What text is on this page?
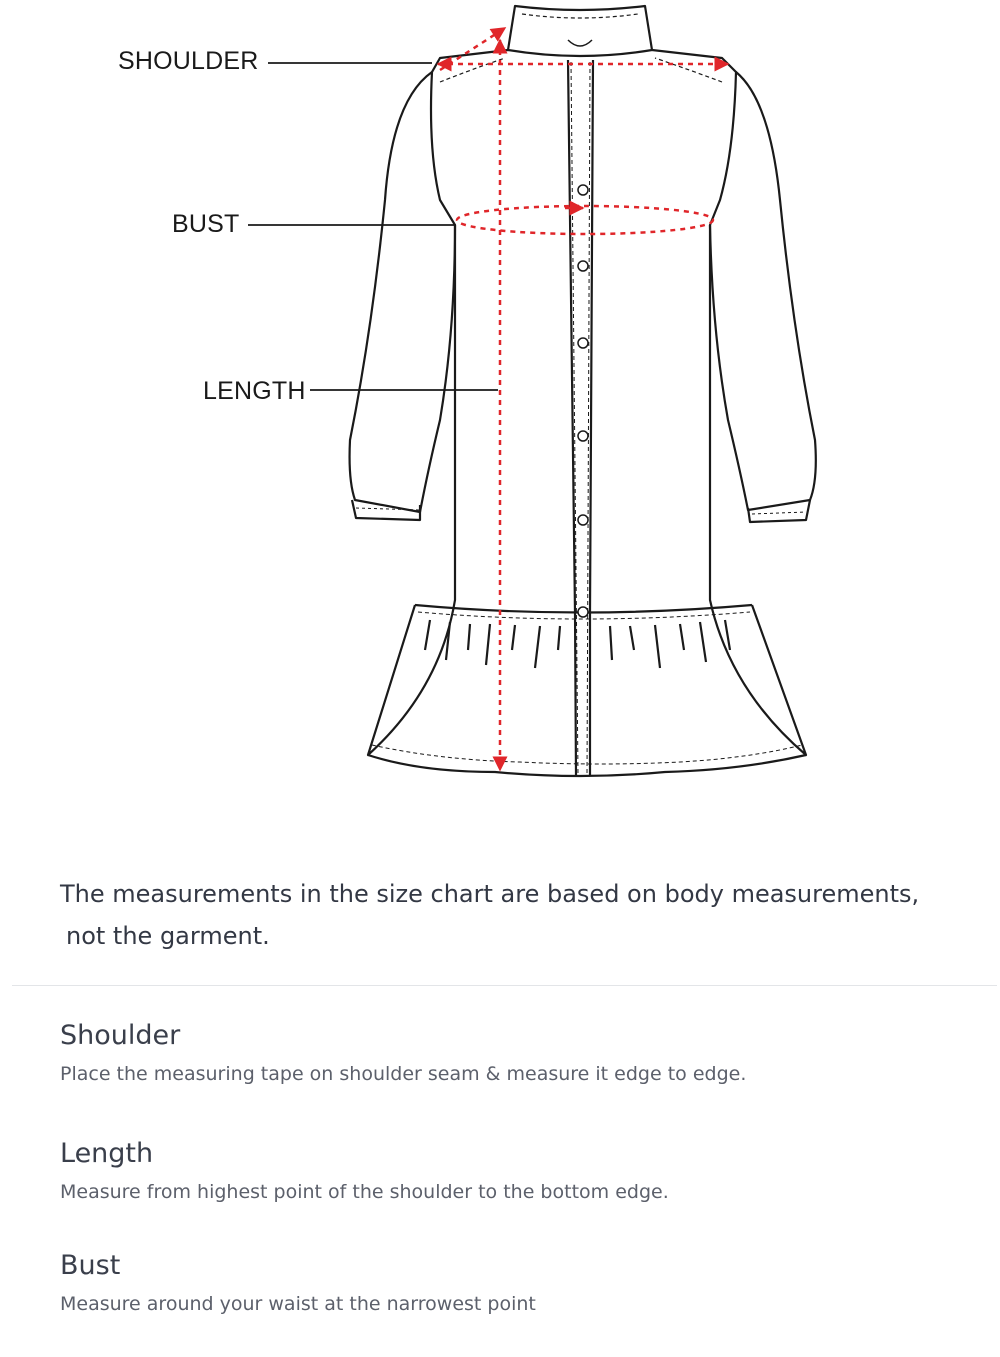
SHOULDER
BUST
LENGTH
The measurements in the size chart are based on body measurements,
not the garment.
Shoulder

Place the measuring tape on shoulder seam & measure it edge to edge.

Length

Measure from highest point of the shoulder to the bottom edge.

Bust

Measure around your waist at the narrowest point
